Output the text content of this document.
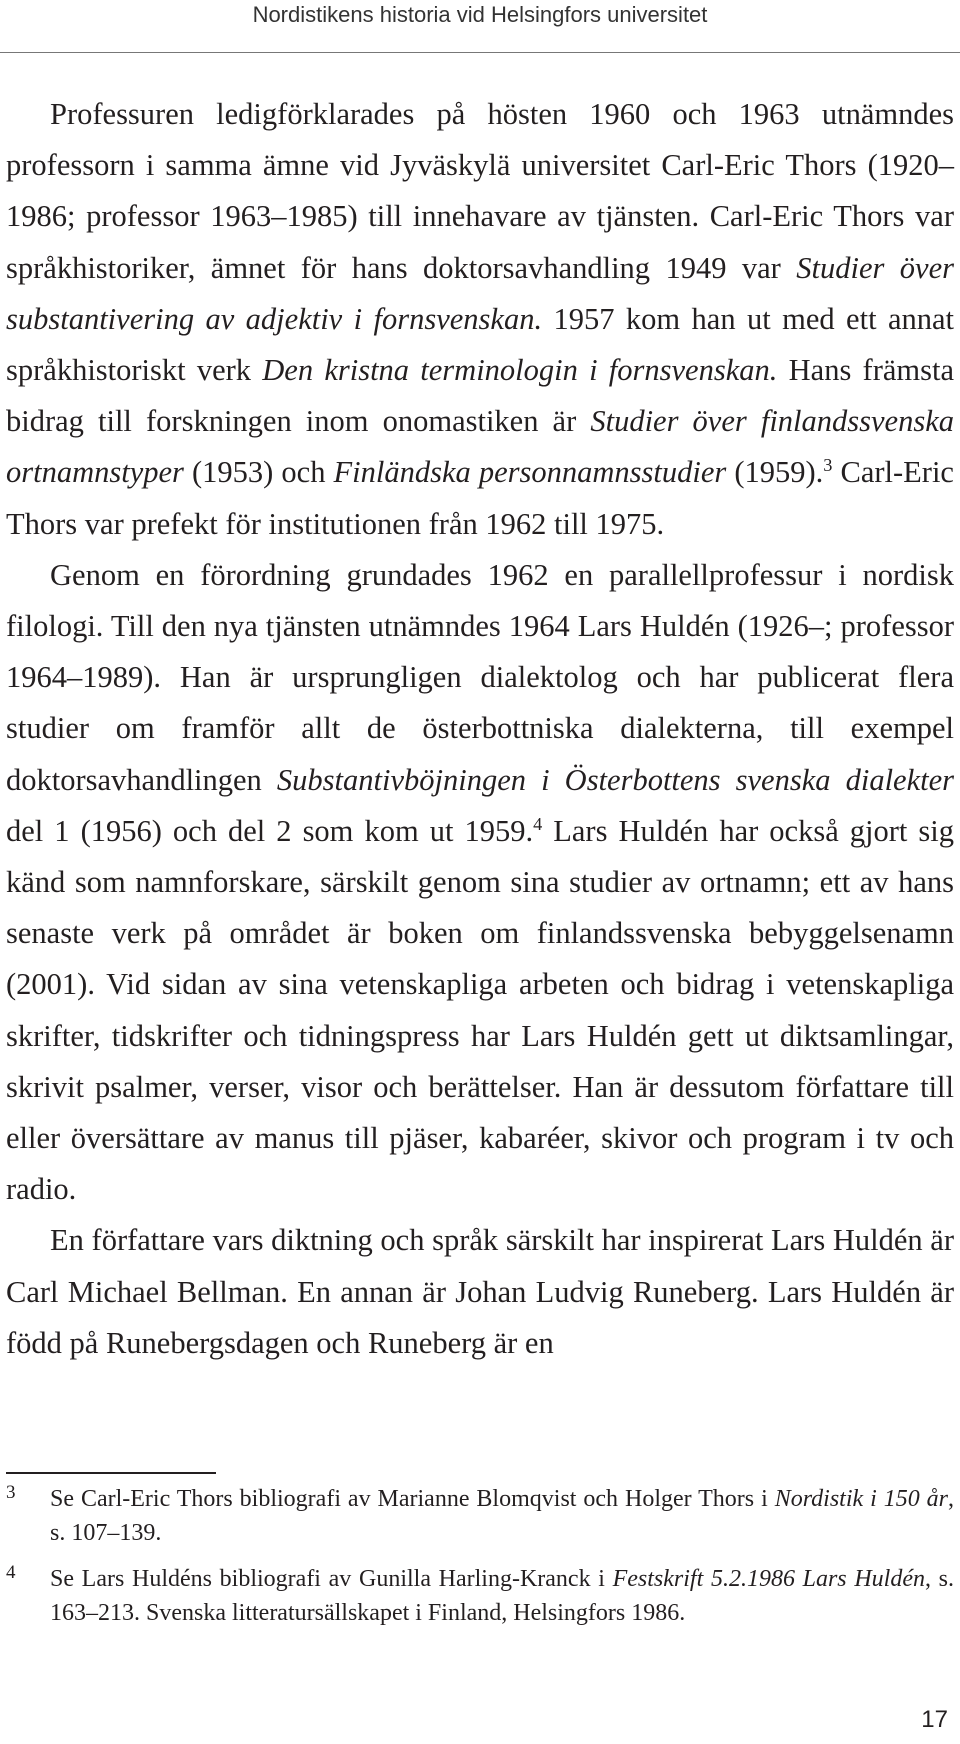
Nordistikens historia vid Helsingfors universitet

Professuren ledigförklarades på hösten 1960 och 1963 utnämndes professorn i samma ämne vid Jyväskylä universitet Carl-Eric Thors (1920–1986; professor 1963–1985) till innehavare av tjänsten. Carl-Eric Thors var språkhistoriker, ämnet för hans doktorsavhandling 1949 var Studier över substantivering av adjektiv i fornsvenskan. 1957 kom han ut med ett annat språkhistoriskt verk Den kristna terminologin i fornsvenskan. Hans främsta bidrag till forskningen inom onomastiken är Studier över finlandssvenska ortnamnstyper (1953) och Finländska personnamnsstudier (1959).$^3$ Carl-Eric Thors var prefekt för institutionen från 1962 till 1975.

Genom en förordning grundades 1962 en parallellprofessur i nordisk filologi. Till den nya tjänsten utnämndes 1964 Lars Huldén (1926–; professor 1964–1989). Han är ursprungligen dialektolog och har publicerat flera studier om framför allt de österbottniska dialekterna, till exempel doktorsavhandlingen Substantivböjningen i Österbottens svenska dialekter del 1 (1956) och del 2 som kom ut 1959.$^4$ Lars Huldén har också gjort sig känd som namnforskare, särskilt genom sina studier av ortnamn; ett av hans senaste verk på området är boken om finlandssvenska bebyggelsenamn (2001). Vid sidan av sina vetenskapliga arbeten och bidrag i vetenskapliga skrifter, tidskrifter och tidningspress har Lars Huldén gett ut diktsamlingar, skrivit psalmer, verser, visor och berättelser. Han är dessutom författare till eller översättare av manus till pjäser, kabaréer, skivor och program i tv och radio.

En författare vars diktning och språk särskilt har inspirerat Lars Huldén är Carl Michael Bellman. En annan är Johan Ludvig Runeberg. Lars Huldén är född på Runebergsdagen och Runeberg är en

3 Se Carl-Eric Thors bibliografi av Marianne Blomqvist och Holger Thors i Nordistik i 150 år, s. 107–139.
4 Se Lars Huldéns bibliografi av Gunilla Harling-Kranck i Festskrift 5.2.1986 Lars Huldén, s. 163–213. Svenska litteratursällskapet i Finland, Helsingfors 1986.
17
